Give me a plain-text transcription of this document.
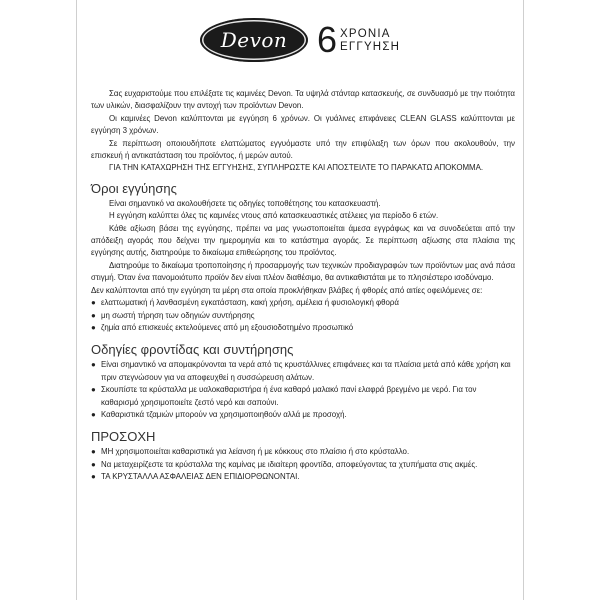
Devon 6 ΧΡΟΝΙΑ
ΕΓΓΥΗΣΗ

Σας ευχαριστούμε που επιλέξατε τις καμινέες Devon. Τα υψηλά στάνταρ κατασκευής, σε συνδυασμό με την ποιότητα των υλικών, διασφαλίζουν την αντοχή των προϊόντων Devon.

Οι καμινέες Devon καλύπτονται με εγγύηση 6 χρόνων. Οι γυάλινες επιφάνειες CLEAN GLASS καλύπτονται με εγγύηση 3 χρόνων.

Σε περίπτωση οποιουδήποτε ελαττώματος εγγυόμαστε υπό την επιφύλαξη των όρων που ακολουθούν, την επισκευή ή αντικατάσταση του προϊόντος, ή μερών αυτού.

ΓΙΑ ΤΗΝ ΚΑΤΑΧΩΡΗΣΗ ΤΗΣ ΕΓΓΥΗΣΗΣ, ΣΥΠΛΗΡΩΣΤΕ ΚΑΙ ΑΠΟΣΤΕΙΛΤΕ ΤΟ ΠΑΡΑΚΑΤΩ ΑΠΟΚΟΜΜΑ.

Όροι εγγύησης

Είναι σημαντικό να ακολουθήσετε τις οδηγίες τοποθέτησης του κατασκευαστή.

Η εγγύηση καλύπτει όλες τις καμινέες ντους από κατασκευαστικές ατέλειες για περίοδο 6 ετών.

Κάθε αξίωση βάσει της εγγύησης, πρέπει να μας γνωστοποιείται άμεσα εγγράφως και να συνοδεύεται από την απόδειξη αγοράς που δείχνει την ημερομηνία και το κατάστημα αγοράς. Σε περίπτωση αξίωσης στα πλαίσια της εγγύησης αυτής, διατηρούμε το δικαίωμα επιθεώρησης του προϊόντος.

Διατηρούμε το δικαίωμα τροποποίησης ή προσαρμογής των τεχνικών προδιαγραφών των προϊόντων μας ανά πάσα στιγμή. Όταν ένα πανομοιότυπο προϊόν δεν είναι πλέον διαθέσιμο, θα αντικαθιστάται με το πλησιέστερο ισοδύναμο.

Δεν καλύπτονται από την εγγύηση τα μέρη στα οποία προκλήθηκαν βλάβες ή φθορές από αιτίες οφειλόμενες σε:

● ελαττωματική ή λανθασμένη εγκατάσταση, κακή χρήση, αμέλεια ή φυσιολογική φθορά

● μη σωστή τήρηση των οδηγιών συντήρησης

● ζημία από επισκευές εκτελούμενες από μη εξουσιοδοτημένο προσωπικό

Οδηγίες φροντίδας και συντήρησης

● Είναι σημαντικό να απομακρύνονται τα νερά από τις κρυστάλλινες επιφάνειες και τα πλαίσια μετά από κάθε χρήση και πριν στεγνώσουν για να αποφευχθεί η συσσώρευση αλάτων.

● Σκουπίστε τα κρύσταλλα με υαλοκαθαριστήρα ή ένα καθαρό μαλακό πανί ελαφρά βρεγμένο με νερό. Για τον καθαρισμό χρησιμοποιείτε ζεστό νερό και σαπούνι.

● Καθαριστικά τζαμιών μπορούν να χρησιμοποιηθούν αλλά με προσοχή.

ΠΡΟΣΟΧΗ

● ΜΗ χρησιμοποιείται καθαριστικά για λείανση ή με κόκκους στο πλαίσιο ή στο κρύσταλλο.

● Να μεταχειρίζεστε τα κρύσταλλα της καμίνας με ιδιαίτερη φροντίδα, αποφεύγοντας τα χτυπήματα στις ακμές.

● ΤΑ ΚΡΥΣΤΑΛΛΑ ΑΣΦΑΛΕΙΑΣ ΔΕΝ ΕΠΙΔΙΟΡΘΩΝΟΝΤΑΙ.
